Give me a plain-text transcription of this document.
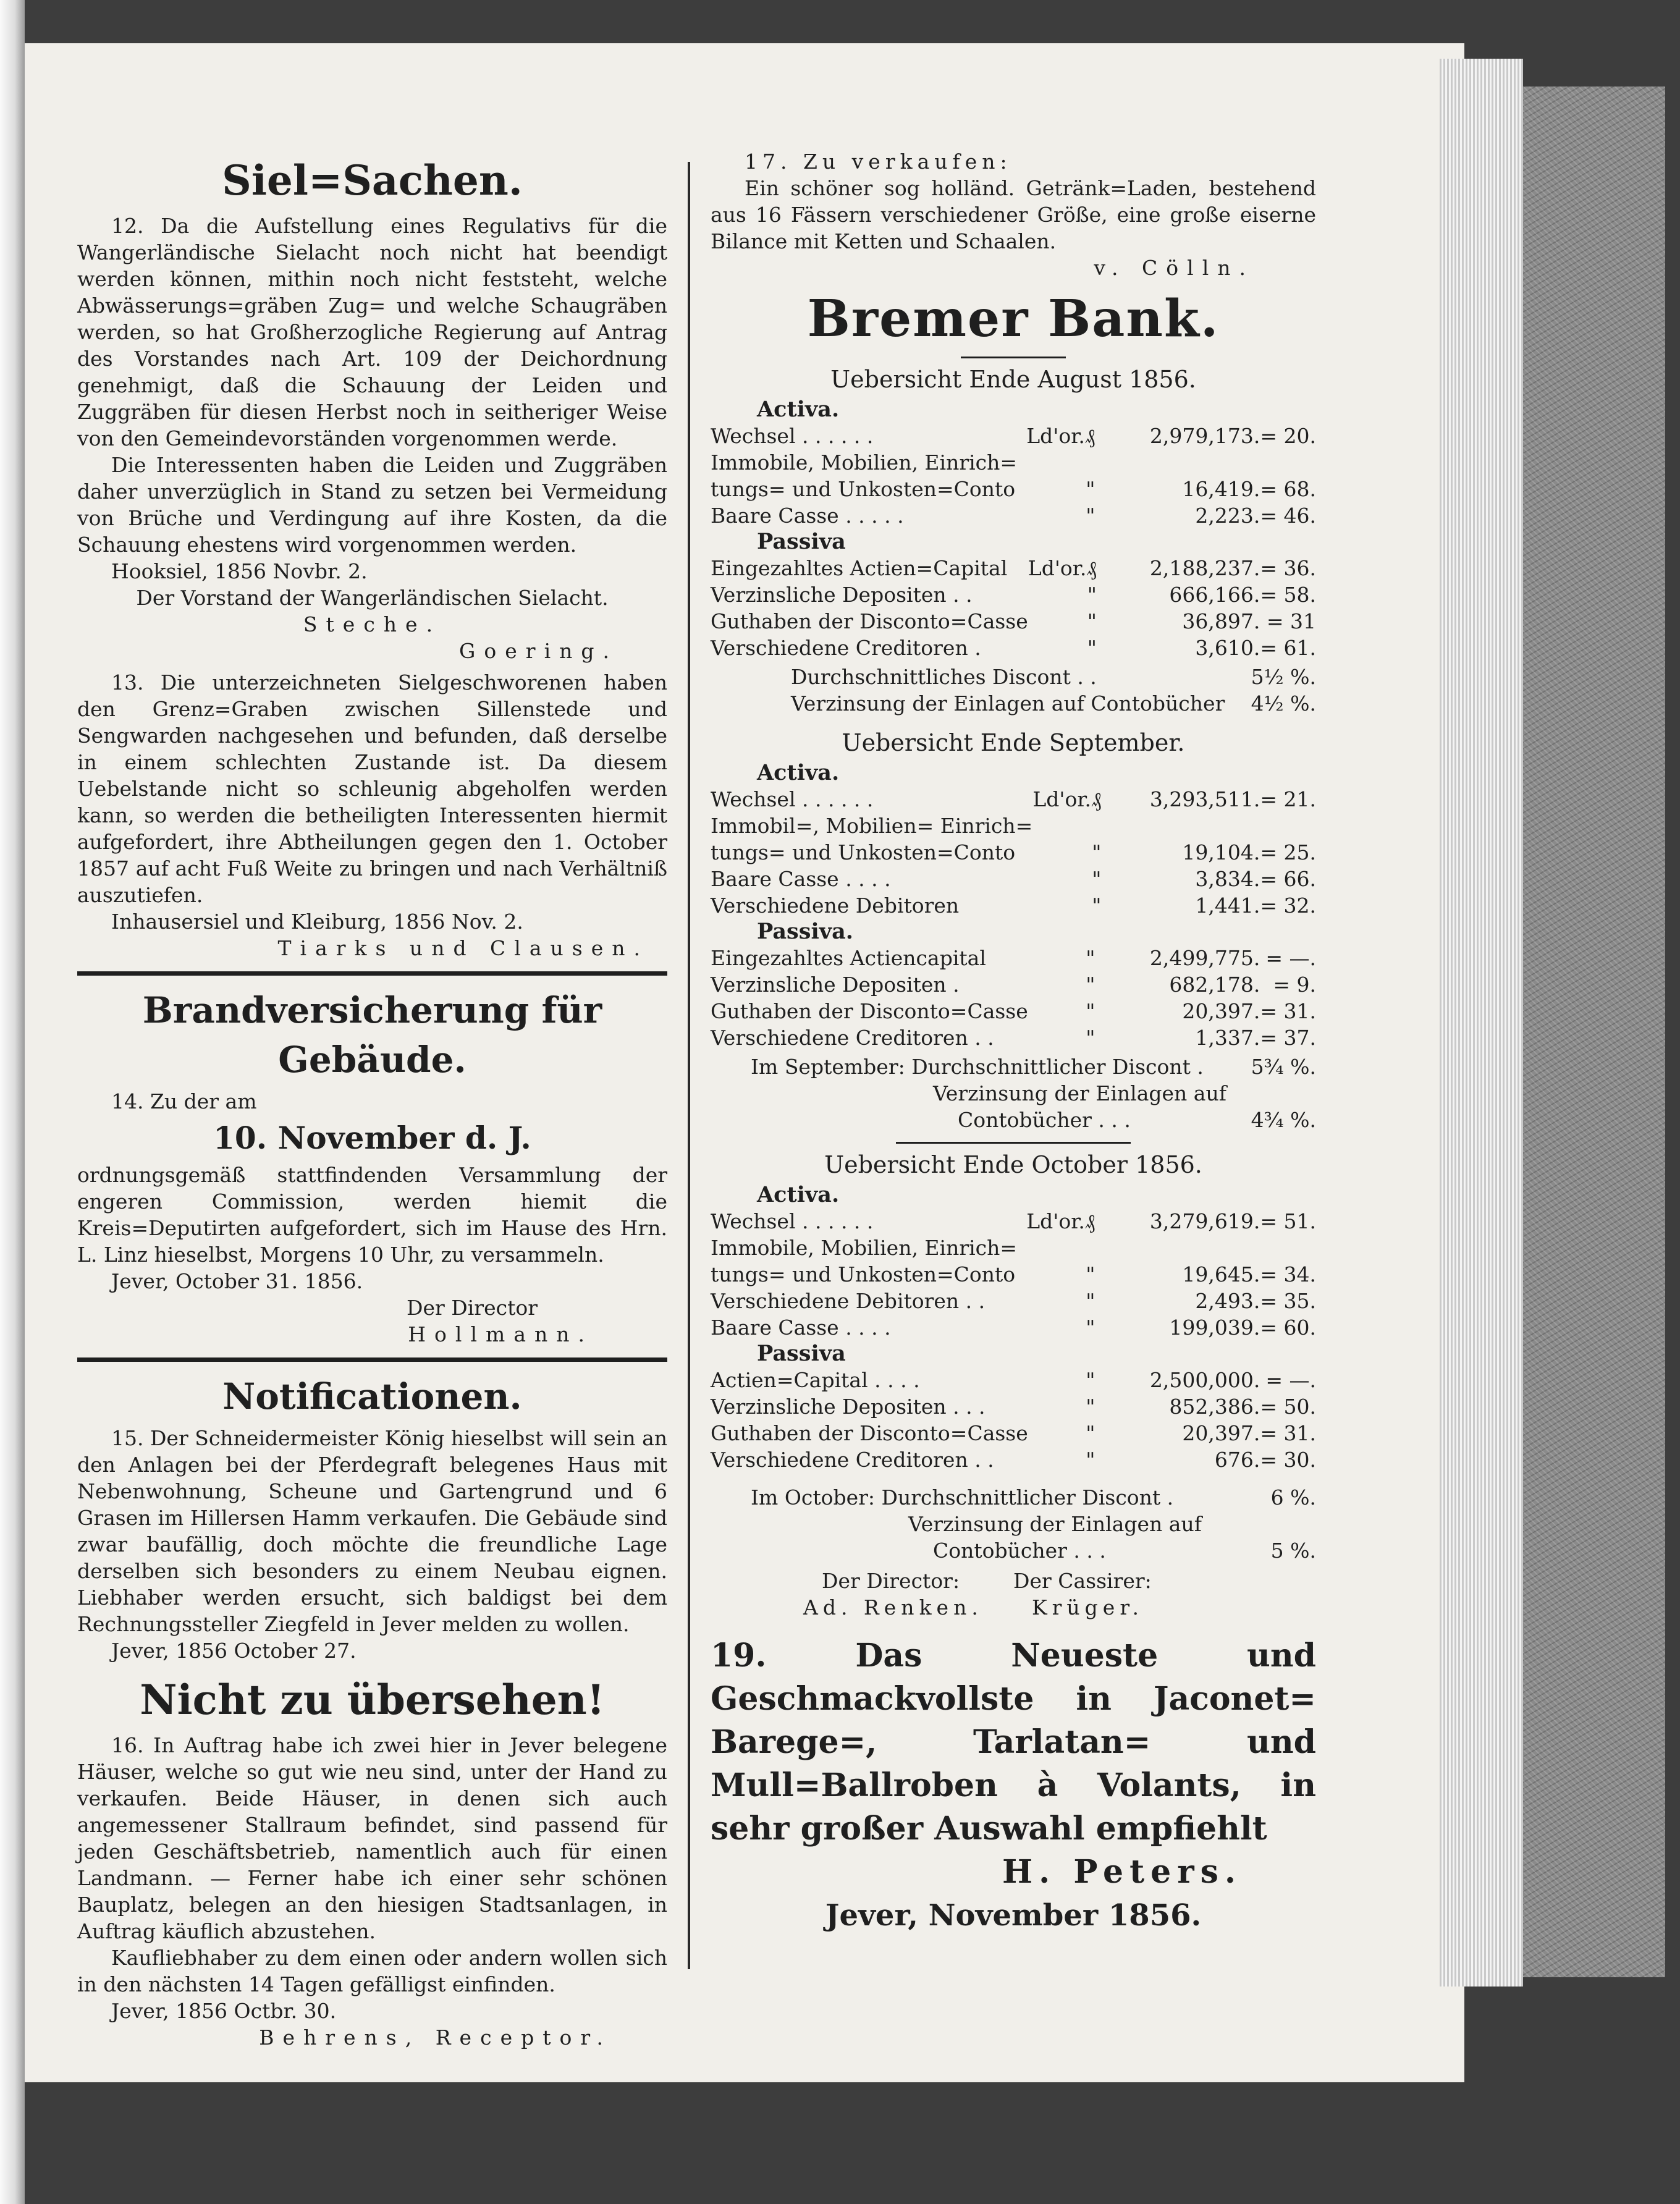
Siel=Sachen.

12. Da die Aufstellung eines Regulativs für die Wangerländische Sielacht noch nicht hat beendigt werden können, mithin noch nicht feststeht, welche Abwässerungs=gräben Zug= und welche Schaugräben werden, so hat Großherzogliche Regierung auf Antrag des Vorstandes nach Art. 109 der Deichordnung genehmigt, daß die Schauung der Leiden und Zuggräben für diesen Herbst noch in seitheriger Weise von den Gemeindevorständen vorgenommen werde.

Die Interessenten haben die Leiden und Zuggräben daher unverzüglich in Stand zu setzen bei Vermeidung von Brüche und Verdingung auf ihre Kosten, da die Schauung ehestens wird vorgenommen werden.

Hooksiel, 1856 Novbr. 2.

Der Vorstand der Wangerländischen Sielacht.

Steche.

Goering.

13. Die unterzeichneten Sielgeschworenen haben den Grenz=Graben zwischen Sillenstede und Sengwarden nachgesehen und befunden, daß derselbe in einem schlechten Zustande ist. Da diesem Uebelstande nicht so schleunig abgeholfen werden kann, so werden die betheiligten Interessenten hiermit aufgefordert, ihre Abtheilungen gegen den 1. October 1857 auf acht Fuß Weite zu bringen und nach Verhältniß auszutiefen.

Inhausersiel und Kleiburg, 1856 Nov. 2.

Tiarks und Clausen.

Brandversicherung für Gebäude.

14. Zu der am

10. November d. J.

ordnungsgemäß stattfindenden Versammlung der engeren Commission, werden hiemit die Kreis=Deputirten aufgefordert, sich im Hause des Hrn. L. Linz hieselbst, Morgens 10 Uhr, zu versammeln.

Jever, October 31. 1856.

Der Director

Hollmann.

Notificationen.

15. Der Schneidermeister König hieselbst will sein an den Anlagen bei der Pferdegraft belegenes Haus mit Nebenwohnung, Scheune und Gartengrund und 6 Grasen im Hillersen Hamm verkaufen. Die Gebäude sind zwar baufällig, doch möchte die freundliche Lage derselben sich besonders zu einem Neubau eignen. Liebhaber werden ersucht, sich baldigst bei dem Rechnungssteller Ziegfeld in Jever melden zu wollen.

Jever, 1856 October 27.

Nicht zu übersehen!

16. In Auftrag habe ich zwei hier in Jever belegene Häuser, welche so gut wie neu sind, unter der Hand zu verkaufen. Beide Häuser, in denen sich auch angemessener Stallraum befindet, sind passend für jeden Geschäftsbetrieb, namentlich auch für einen Landmann. — Ferner habe ich einer sehr schönen Bauplatz, belegen an den hiesigen Stadtsanlagen, in Auftrag käuflich abzustehen.

Kaufliebhaber zu dem einen oder andern wollen sich in den nächsten 14 Tagen gefälligst einfinden.

Jever, 1856 Octbr. 30.

Behrens, Receptor.

17. Zu verkaufen:

Ein schöner sog holländ. Getränk=Laden, bestehend aus 16 Fässern verschiedener Größe, eine große eiserne Bilance mit Ketten und Schaalen.

v. Cölln.

Bremer Bank.
Uebersicht Ende August 1856.
Activa.
Wechsel . . . . . .	Ld'or.₰	2,979,173.	= 20.
Immobile, Mobilien, Einrich=			
tungs= und Unkosten=Conto	"	16,419.	= 68.
Baare Casse . . . . .	"	2,223.	= 46.
Passiva
Eingezahltes Actien=Capital	Ld'or.₰	2,188,237.	= 36.
Verzinsliche Depositen . .	"	666,166.	= 58.
Guthaben der Disconto=Casse	"	36,897.	= 31
Verschiedene Creditoren .	"	3,610.	= 61.
Durchschnittliches Discont . .	5½ %.
Verzinsung der Einlagen auf Contobücher	4½ %.
Uebersicht Ende September.
Activa.
Wechsel . . . . . .	Ld'or.₰	3,293,511.	= 21.
Immobil=, Mobilien= Einrich=			
tungs= und Unkosten=Conto	"	19,104.	= 25.
Baare Casse . . . .	"	3,834.	= 66.
Verschiedene Debitoren	"	1,441.	= 32.
Passiva.
Eingezahltes Actiencapital	"	2,499,775.	= —.
Verzinsliche Depositen .	"	682,178.	= 9.
Guthaben der Disconto=Casse	"	20,397.	= 31.
Verschiedene Creditoren . .	"	1,337.	= 37.
Im September: Durchschnittlicher Discont .	5¾ %.
Verzinsung der Einlagen auf	
Contobücher . . .	4¾ %.
Uebersicht Ende October 1856.
Activa.
Wechsel . . . . . .	Ld'or.₰	3,279,619.	= 51.
Immobile, Mobilien, Einrich=			
tungs= und Unkosten=Conto	"	19,645.	= 34.
Verschiedene Debitoren . .	"	2,493.	= 35.
Baare Casse . . . .	"	199,039.	= 60.
Passiva
Actien=Capital . . . .	"	2,500,000.	= —.
Verzinsliche Depositen . . .	"	852,386.	= 50.
Guthaben der Disconto=Casse	"	20,397.	= 31.
Verschiedene Creditoren . .	"	676.	= 30.
Im October: Durchschnittlicher Discont .	6 %.
Verzinsung der Einlagen auf	
Contobücher . . .	5 %.
Der Director:	Der Cassirer:
Ad. Renken.	Krüger.
19. Das Neueste und Geschmackvollste in Jaconet= Barege=, Tarlatan= und Mull=Ballroben à Volants, in sehr großer Auswahl empfiehlt
H. Peters.
Jever, November 1856.
